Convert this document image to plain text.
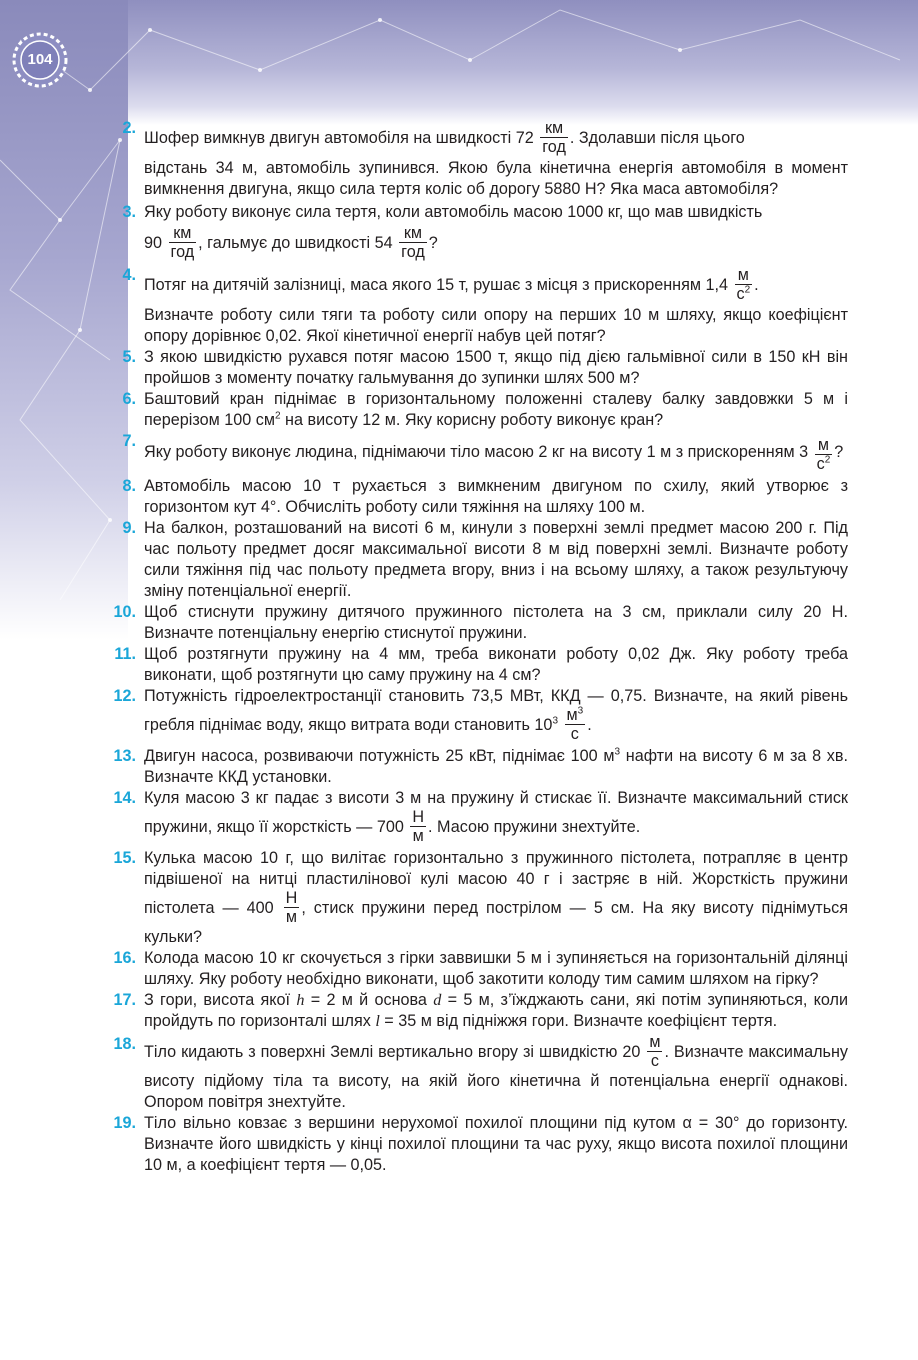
104
2.
Шофер вимкнув двигун автомобіля на швидкості $72 \frac{км}{\text{год}}$ . Здолавши після цього
відстань 34 м, автомобіль зупинився. Якою була кінетична енергія автомобіля в момент вимкнення двигуна, якщо сила тертя коліс об дорогу 5880 Н? Яка маса автомобіля?
3. Яку роботу виконує сила тертя, коли автомобіль масою 1000 кг, що мав швидкість
$90 \frac{км}{\text{год}}$ , гальмує до швидкості $54 \frac{км}{\text{год}}$ ?
4.
Потяг на дитячій залізниці, маса якого 15 т, рушає з місця з прискоренням $1,4 \frac{м}{с^2}$ .
Визначте роботу сили тяги та роботу сили опору на перших 10 м шляху, якщо коефіцієнт опору дорівнює 0,02. Якої кінетичної енергії набув цей потяг?
5. З якою швидкістю рухався потяг масою 1500 т, якщо під дією гальмівної сили в 150 кН він пройшов з моменту початку гальмування до зупинки шлях 500 м?
6. Баштовий кран піднімає в горизонтальному положенні сталеву балку завдовжки 5 м і перерізом 100 $см^2$ на висоту 12 м. Яку корисну роботу виконує кран?
7.
Яку роботу виконує людина, піднімаючи тіло масою 2 кг на висоту 1 м з прискоренням $3 \frac{м}{с^2}$ ?
8. Автомобіль масою 10 т рухається з вимкненим двигуном по схилу, який утворює з горизонтом кут 4°. Обчисліть роботу сили тяжіння на шляху 100 м.
9. На балкон, розташований на висоті 6 м, кинули з поверхні землі предмет масою 200 г. Під час польоту предмет досяг максимальної висоти 8 м від поверхні землі. Визначте роботу сили тяжіння під час польоту предмета вгору, вниз і на всьому шляху, а також результуючу зміну потенціальної енергії.
10. Щоб стиснути пружину дитячого пружинного пістолета на 3 см, приклали силу 20 Н. Визначте потенціальну енергію стиснутої пружини.
11. Щоб розтягнути пружину на 4 мм, треба виконати роботу 0,02 Дж. Яку роботу треба виконати, щоб розтягнути цю саму пружину на 4 см?
12. Потужність гідроелектростанції становить 73,5 МВт, ККД — 0,75. Визначте, на який рівень гребля піднімає воду, якщо витрата води становить $10^3 \frac{м^3}{с}$ .
13. Двигун насоса, розвиваючи потужність 25 кВт, піднімає 100 $м^3$ нафти на висоту 6 м за 8 хв. Визначте ККД установки.
14. Куля масою 3 кг падає з висоти 3 м на пружину й стискає її. Визначте максимальний стиск пружини, якщо її жорсткість — $700 \frac{Н}{м}$ . Масою пружини знехтуйте.
15. Кулька масою 10 г, що вилітає горизонтально з пружинного пістолета, потрапляє в центр підвішеної на нитці пластилінової кулі масою 40 г і застряє в ній. Жорсткість пружини пістолета — $400 \frac{Н}{м}$ , стиск пружини перед пострілом — 5 см. На яку висоту піднімуться кульки?
16. Колода масою 10 кг скочується з гірки заввишки 5 м і зупиняється на горизонтальній ділянці шляху. Яку роботу необхідно виконати, щоб закотити колоду тим самим шляхом на гірку?
17. З гори, висота якої h = 2 м й основа d = 5 м, з’їжджають сани, які потім зупиняються, коли пройдуть по горизонталі шлях l = 35 м від підніжжя гори. Визначте коефіцієнт тертя.
18. Тіло кидають з поверхні Землі вертикально вгору зі швидкістю $20 \frac{м}{с}$ . Визначте максимальну висоту підйому тіла та висоту, на якій його кінетична й потенціальна енергії однакові. Опором повітря знехтуйте.
19. Тіло вільно ковзає з вершини нерухомої похилої площини під кутом α = 30° до горизонту. Визначте його швидкість у кінці похилої площини та час руху, якщо висота похилої площини 10 м, а коефіцієнт тертя — 0,05.
